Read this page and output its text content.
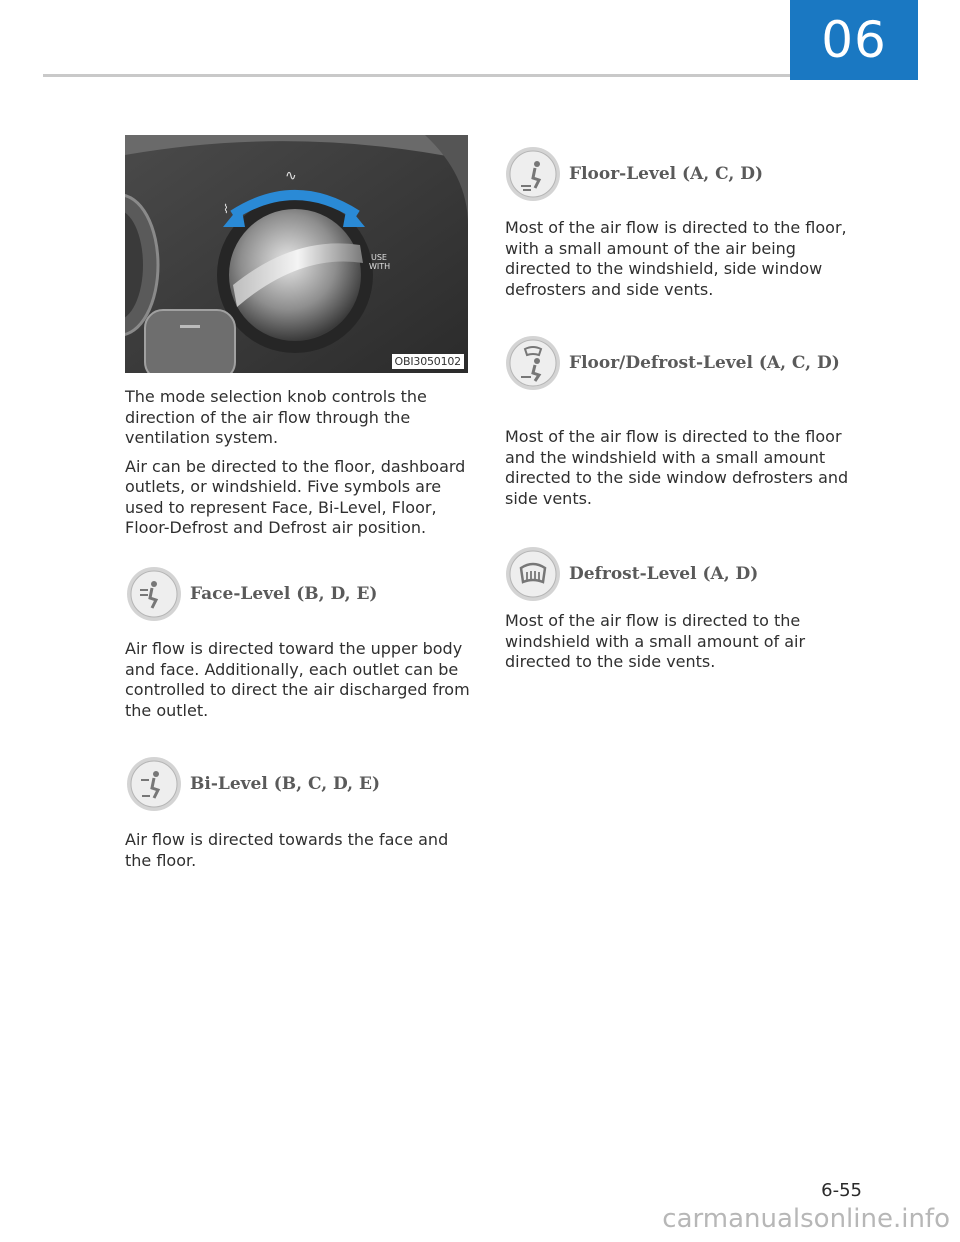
06
∿
⌇
USE
WITH
OBI3050102

The mode selection knob controls the direction of the air flow through the ventilation system.

Air can be directed to the floor, dashboard outlets, or windshield. Five symbols are used to represent Face, Bi-Level, Floor, Floor-Defrost and Defrost air position.

Face-Level (B, D, E)

Air flow is directed toward the upper body and face. Additionally, each outlet can be controlled to direct the air discharged from the outlet.

Bi-Level (B, C, D, E)

Air flow is directed towards the face and the floor.

Floor-Level (A, C, D)

Most of the air flow is directed to the floor, with a small amount of the air being directed to the windshield, side window defrosters and side vents.

Floor/Defrost-Level (A, C, D)

Most of the air flow is directed to the floor and the windshield with a small amount directed to the side window defrosters and side vents.

Defrost-Level (A, D)

Most of the air flow is directed to the windshield with a small amount of air directed to the side vents.

6-55
carmanualsonline.info
